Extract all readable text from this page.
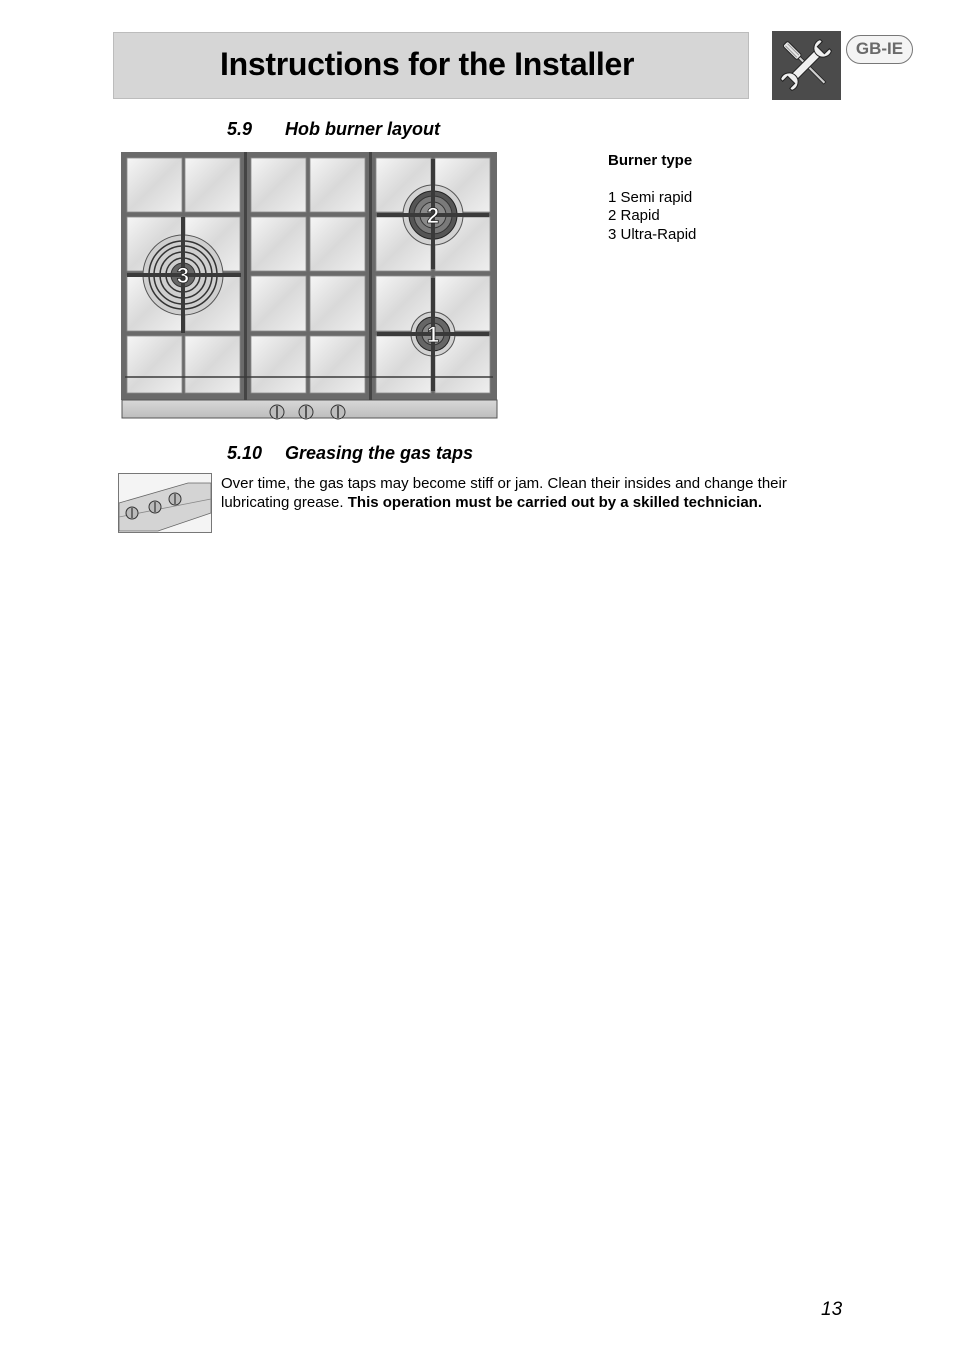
Instructions for the Installer	GB-IE
5.9 Hob burner layout
3
2
1
Burner type
1 Semi rapid
2 Rapid
3 Ultra-Rapid
5.10 Greasing the gas taps
Over time, the gas taps may become stiff or jam. Clean their insides and change their lubricating grease. This operation must be carried out by a skilled technician.
13
